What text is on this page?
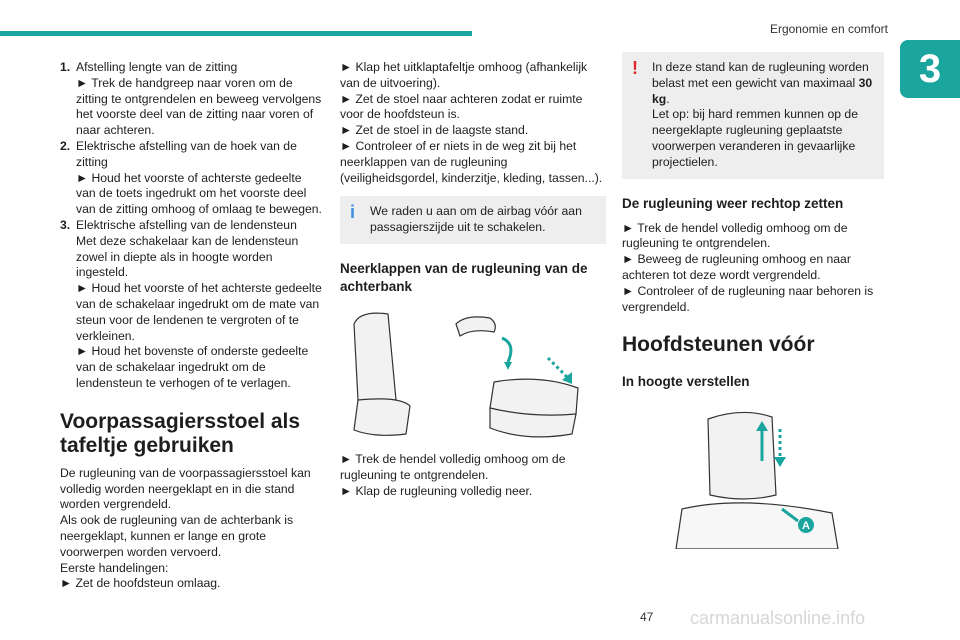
Ergonomie en comfort
3
1. Afstelling lengte van de zitting

► Trek de handgreep naar voren om de zitting te ontgrendelen en beweeg vervolgens het voorste deel van de zitting naar voren of naar achteren.

2. Elektrische afstelling van de hoek van de zitting

► Houd het voorste of achterste gedeelte van de toets ingedrukt om het voorste deel van de zitting omhoog of omlaag te bewegen.

3. Elektrische afstelling van de lendensteun

Met deze schakelaar kan de lendensteun zowel in diepte als in hoogte worden ingesteld.

► Houd het voorste of het achterste gedeelte van de schakelaar ingedrukt om de mate van steun voor de lendenen te vergroten of te verkleinen.

► Houd het bovenste of onderste gedeelte van de schakelaar ingedrukt om de lendensteun te verhogen of te verlagen.

Voorpassagiersstoel als tafeltje gebruiken

De rugleuning van de voorpassagiersstoel kan volledig worden neergeklapt en in die stand worden vergrendeld.

Als ook de rugleuning van de achterbank is neergeklapt, kunnen er lange en grote voorwerpen worden vervoerd.

Eerste handelingen:

► Zet de hoofdsteun omlaag.

► Klap het uitklaptafeltje omhoog (afhankelijk van de uitvoering).

► Zet de stoel naar achteren zodat er ruimte voor de hoofdsteun is.

► Zet de stoel in de laagste stand.

► Controleer of er niets in de weg zit bij het neerklappen van de rugleuning (veiligheidsgordel, kinderzitje, kleding, tassen...).

i We raden u aan om de airbag vóór aan passagierszijde uit te schakelen.

Neerklappen van de rugleuning van de achterbank

► Trek de hendel volledig omhoog om de rugleuning te ontgrendelen.

► Klap de rugleuning volledig neer.

! In deze stand kan de rugleuning worden belast met een gewicht van maximaal 30 kg.

Let op: bij hard remmen kunnen op de neergeklapte rugleuning geplaatste voorwerpen veranderen in gevaarlijke projectielen.

De rugleuning weer rechtop zetten

► Trek de hendel volledig omhoog om de rugleuning te ontgrendelen.

► Beweeg de rugleuning omhoog en naar achteren tot deze wordt vergrendeld.

► Controleer of de rugleuning naar behoren is vergrendeld.

Hoofdsteunen vóór
In hoogte verstellen
A
47 carmanualsonline.info
